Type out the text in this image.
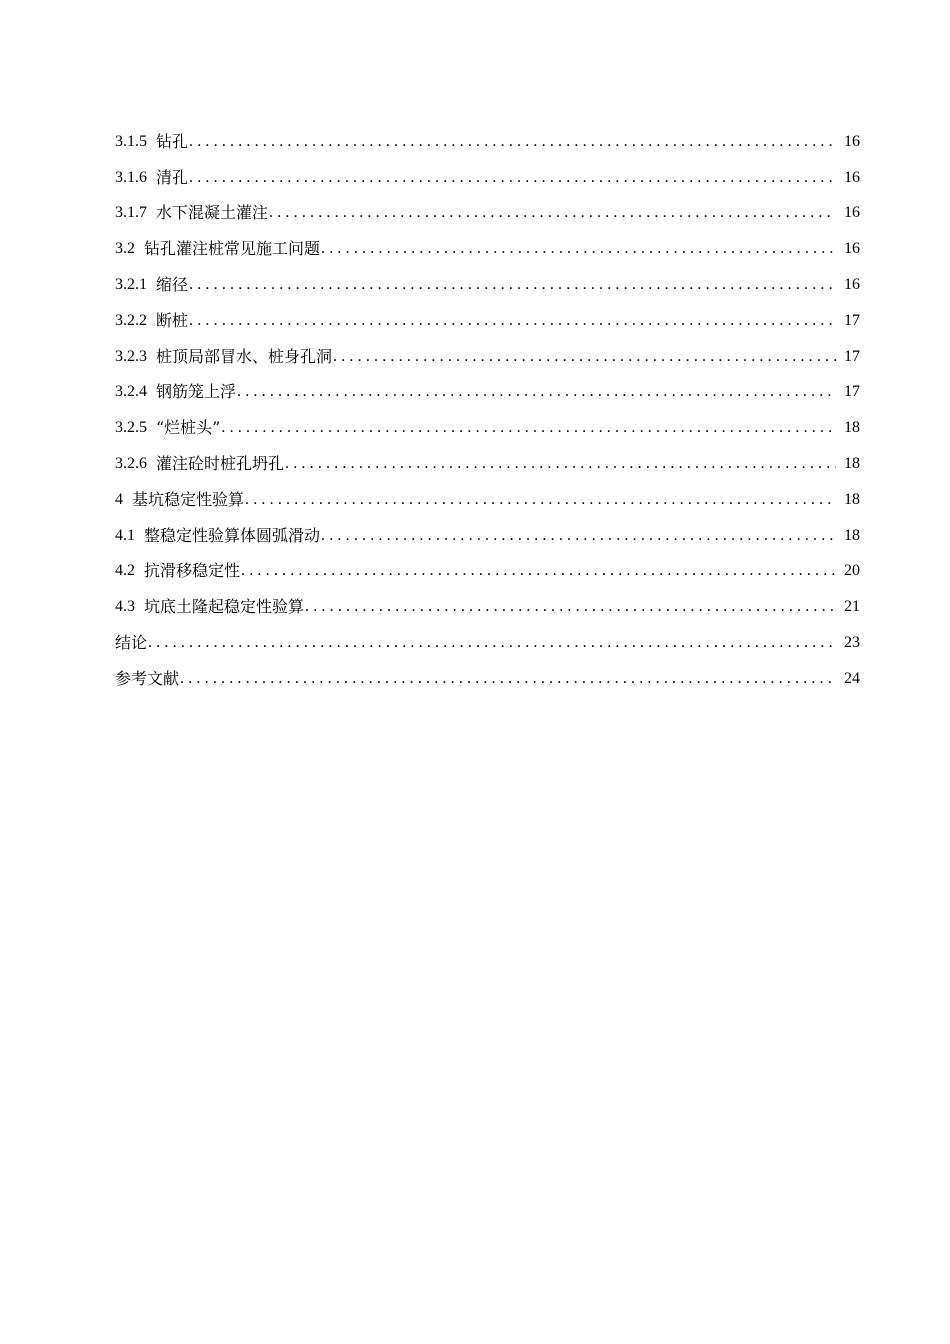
3.1.5 钻孔 . . .	16
3.1.6 清孔 . . .	16
3.1.7 水下混凝土灌注 . . .	16
3.2 钻孔灌注桩常见施工问题 . . .	16
3.2.1 缩径 . . .	16
3.2.2 断桩 . . .	17
3.2.3 桩顶局部冒水、桩身孔洞 . . .	17
3.2.4 钢筋笼上浮 . . .	17
3.2.5 “烂桩头” . . .	18
3.2.6 灌注砼时桩孔坍孔 . . .	18
4 基坑稳定性验算 . . .	18
4.1 整稳定性验算体圆弧滑动 . . .	18
4.2 抗滑移稳定性 . . .	20
4.3 坑底土隆起稳定性验算 . . .	21
结论 . . .	23
参考文献 . . .	24
